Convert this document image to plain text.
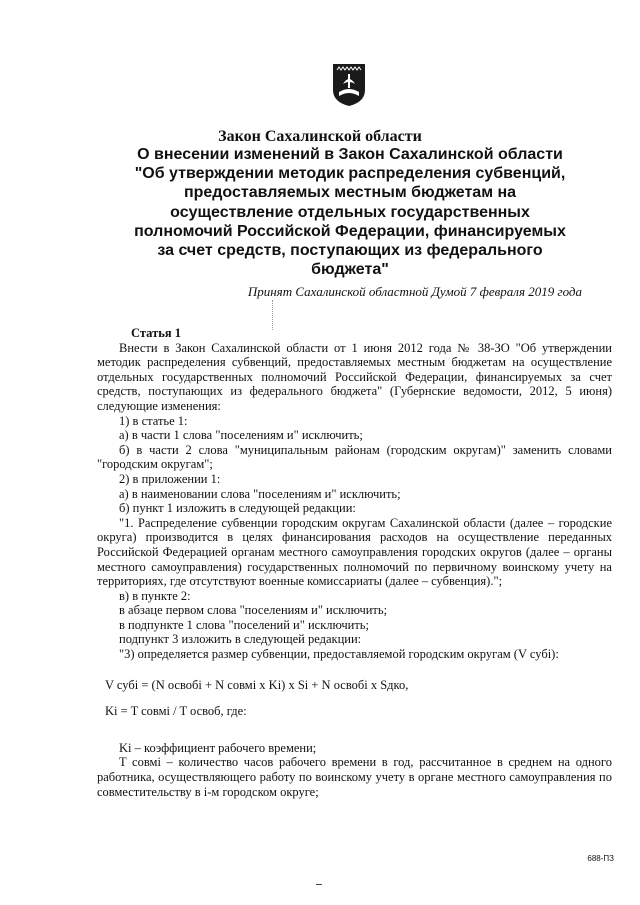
Закон Сахалинской области
О внесении изменений в Закон Сахалинской области "Об утверждении методик распределения субвенций, предоставляемых местным бюджетам на осуществление отдельных государственных полномочий Российской Федерации, финансируемых за счет средств, поступающих из федерального бюджета"
Принят Сахалинской областной Думой 7 февраля 2019 года

Статья 1

Внести в Закон Сахалинской области от 1 июня 2012 года № 38-ЗО "Об утверждении методик распределения субвенций, предоставляемых местным бюджетам на осуществление отдельных государственных полномочий Российской Федерации, финансируемых за счет средств, поступающих из федерального бюджета" (Губернские ведомости, 2012, 5 июня) следующие изменения:

1) в статье 1:

а) в части 1 слова "поселениям и" исключить;

б) в части 2 слова "муниципальным районам (городским округам)" заменить словами "городским округам";

2) в приложении 1:

а) в наименовании слова "поселениям и" исключить;

б) пункт 1 изложить в следующей редакции:

"1. Распределение субвенции городским округам Сахалинской области (далее – городские округа) производится в целях финансирования расходов на осуществление переданных Российской Федерацией органам местного самоуправления городских округов (далее – органы местного самоуправления) государственных полномочий по первичному воинскому учету на территориях, где отсутствуют военные комиссариаты (далее – субвенция).";

в) в пункте 2:

в абзаце первом слова "поселениям и" исключить;

в подпункте 1 слова "поселений и" исключить;

подпункт 3 изложить в следующей редакции:

"3) определяется размер субвенции, предоставляемой городским округам (V субi):

V субi = (N освобi + N совмi x Ki) x Si + N освобi x Sдко,

Ki = T совмi / T освоб, где:

Ki – коэффициент рабочего времени;

T совмi – количество часов рабочего времени в год, рассчитанное в среднем на одного работника, осуществляющего работу по воинскому учету в органе местного самоуправления по совместительству в i-м городском округе;

688-ПЗ
